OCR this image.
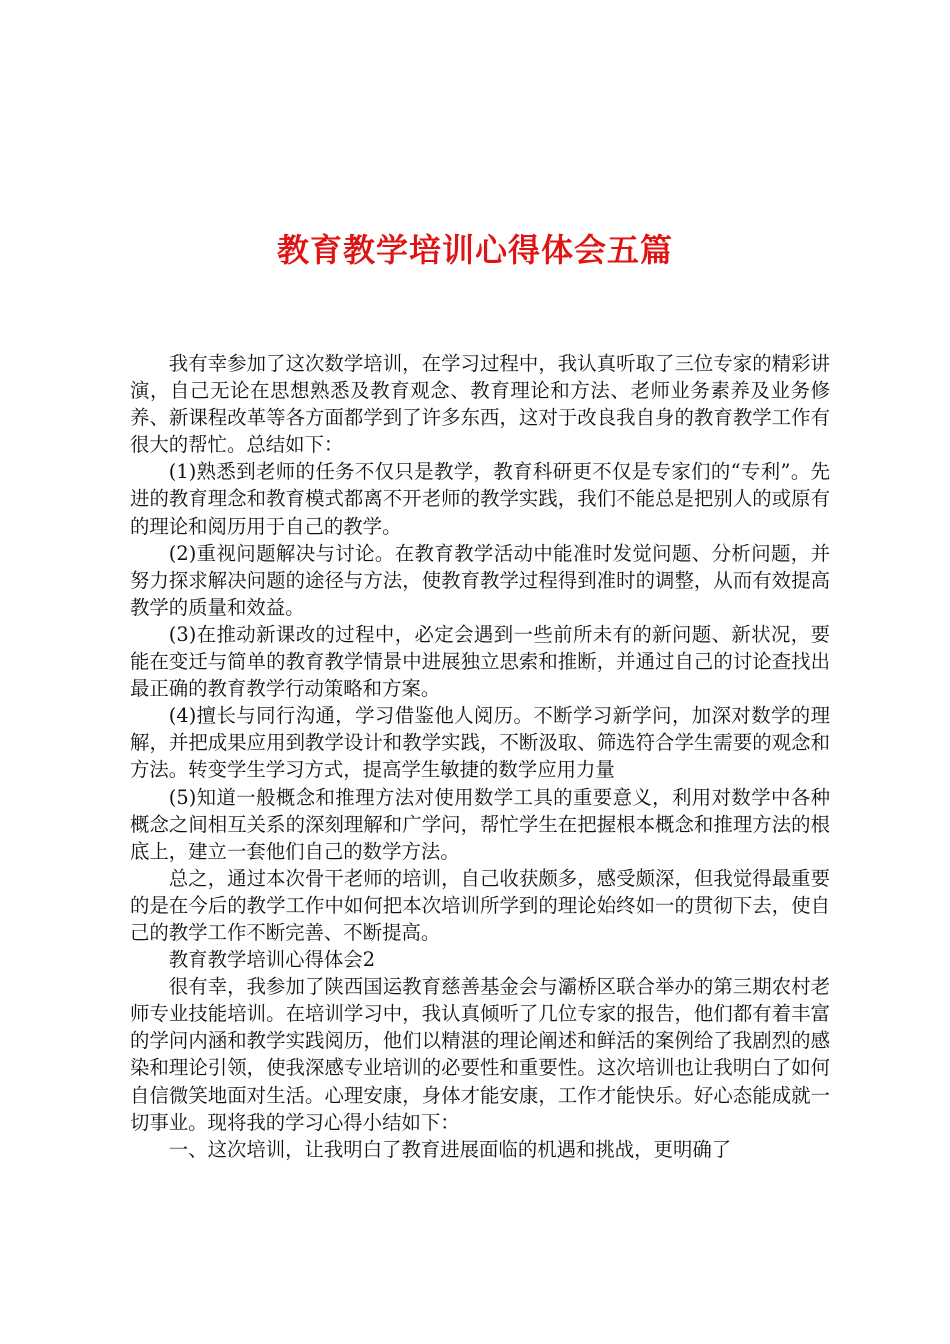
教育教学培训心得体会五篇

我有幸参加了这次数学培训，在学习过程中，我认真听取了三位专家的精彩讲演，自己无论在思想熟悉及教育观念、教育理论和方法、老师业务素养及业务修养、新课程改革等各方面都学到了许多东西，这对于改良我自身的教育教学工作有很大的帮忙。总结如下：

(1)熟悉到老师的任务不仅只是教学，教育科研更不仅是专家们的“专利”。先进的教育理念和教育模式都离不开老师的教学实践，我们不能总是把别人的或原有的理论和阅历用于自己的教学。

(2)重视问题解决与讨论。在教育教学活动中能准时发觉问题、分析问题，并努力探求解决问题的途径与方法，使教育教学过程得到准时的调整，从而有效提高教学的质量和效益。

(3)在推动新课改的过程中，必定会遇到一些前所未有的新问题、新状况，要能在变迁与简单的教育教学情景中进展独立思索和推断，并通过自己的讨论查找出最正确的教育教学行动策略和方案。

(4)擅长与同行沟通，学习借鉴他人阅历。不断学习新学问，加深对数学的理解，并把成果应用到教学设计和教学实践，不断汲取、筛选符合学生需要的观念和方法。转变学生学习方式，提高学生敏捷的数学应用力量

(5)知道一般概念和推理方法对使用数学工具的重要意义，利用对数学中各种概念之间相互关系的深刻理解和广学问，帮忙学生在把握根本概念和推理方法的根底上，建立一套他们自己的数学方法。

总之，通过本次骨干老师的培训，自己收获颇多，感受颇深，但我觉得最重要的是在今后的教学工作中如何把本次培训所学到的理论始终如一的贯彻下去，使自己的教学工作不断完善、不断提高。

教育教学培训心得体会2

很有幸，我参加了陕西国运教育慈善基金会与灞桥区联合举办的第三期农村老师专业技能培训。在培训学习中，我认真倾听了几位专家的报告，他们都有着丰富的学问内涵和教学实践阅历，他们以精湛的理论阐述和鲜活的案例给了我剧烈的感染和理论引领，使我深感专业培训的必要性和重要性。这次培训也让我明白了如何自信微笑地面对生活。心理安康，身体才能安康，工作才能快乐。好心态能成就一切事业。现将我的学习心得小结如下：

一、这次培训，让我明白了教育进展面临的机遇和挑战，更明确了
